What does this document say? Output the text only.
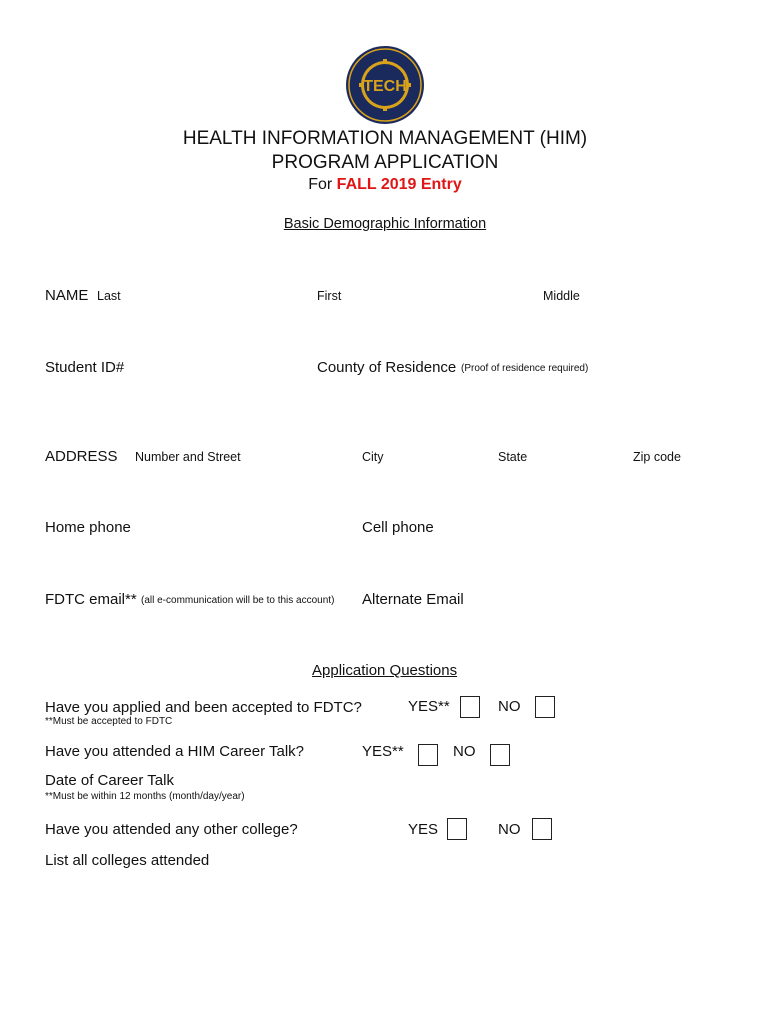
TECH
HEALTH INFORMATION MANAGEMENT (HIM)
PROGRAM APPLICATION
For FALL 2019 Entry
Basic Demographic Information
NAME Last	First	Middle
Student ID#	County of Residence (Proof of residence required)
ADDRESS Number and Street	City	State	Zip code
Home phone	Cell phone
FDTC email** (all e-communication will be to this account) Alternate Email
Application Questions
Have you applied and been accepted to FDTC?	YES**	NO
**Must be accepted to FDTC
Have you attended a HIM Career Talk?	YES**	NO
Date of Career Talk
**Must be within 12 months (month/day/year)
Have you attended any other college?	YES	NO
List all colleges attended
